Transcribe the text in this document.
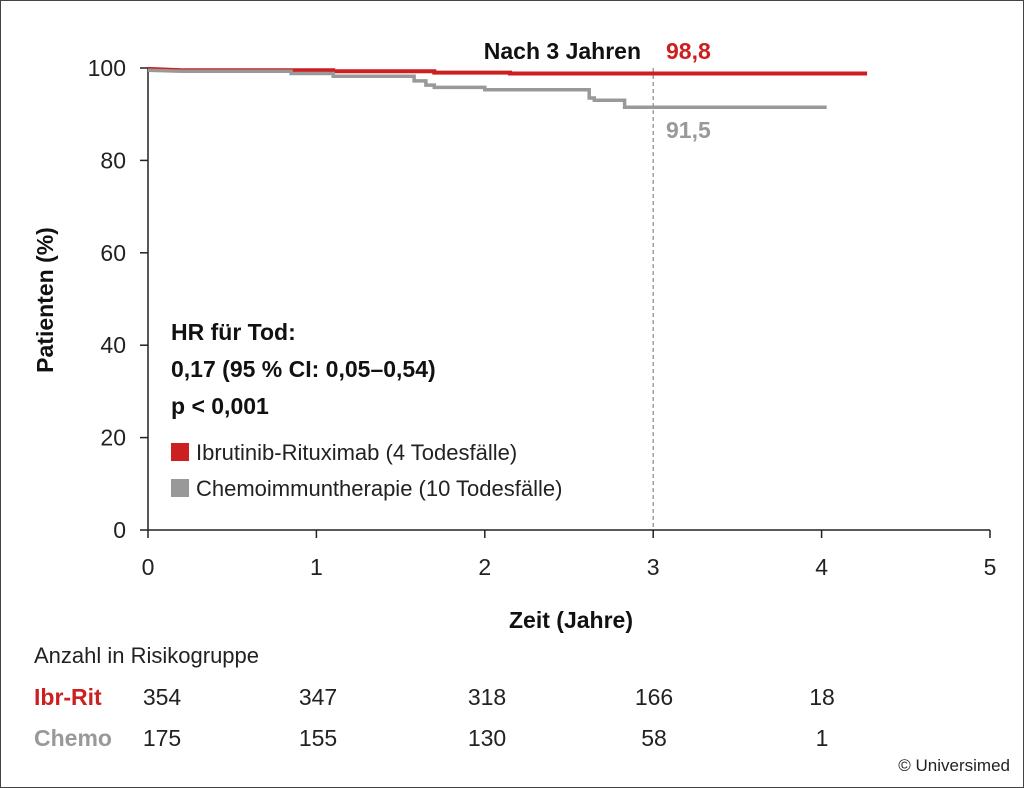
0
20
40
60
80
100
0	1	2	3	4	5
Nach 3 Jahren 98,8
91,5
Patienten (%)
Zeit (Jahre)
HR für Tod:
0,17 (95 % CI: 0,05–0,54)
p < 0,001
Ibrutinib-Rituximab (4 Todesfälle)
Chemoimmuntherapie (10 Todesfälle)
Anzahl in Risikogruppe
Ibr-Rit 354	347	318	166	18
Chemo 175	155	130	58	1
© Universimed
